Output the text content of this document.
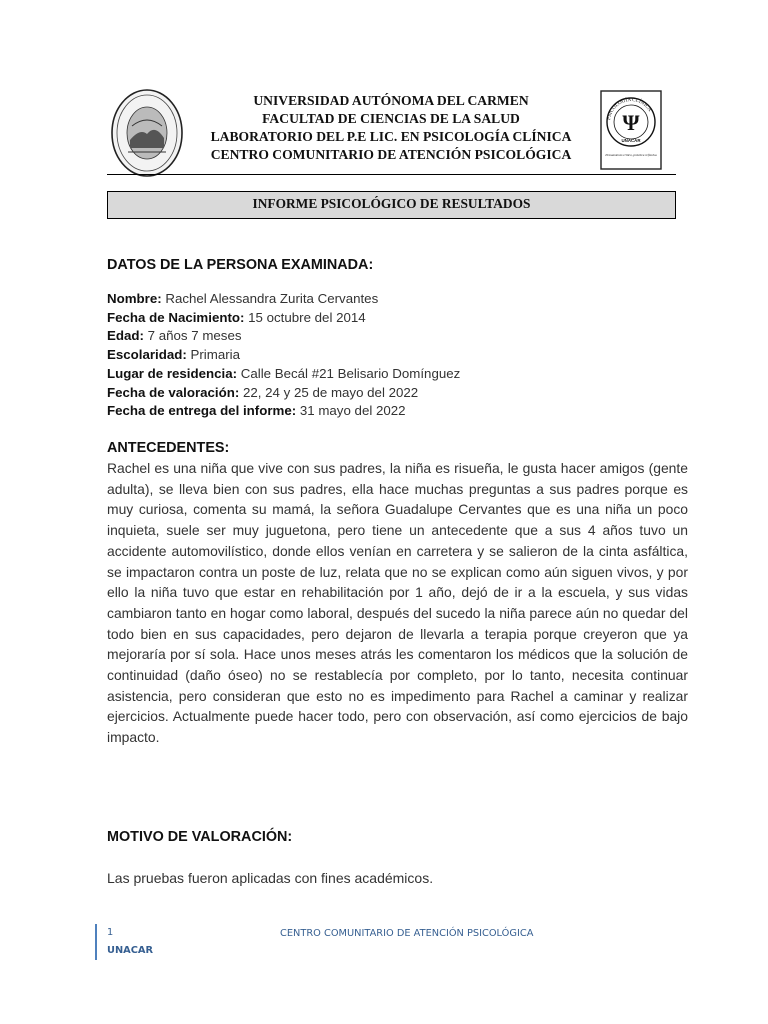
UNIVERSIDAD AUTÓNOMA DEL CARMEN
FACULTAD DE CIENCIAS DE LA SALUD
LABORATORIO DEL P.E LIC. EN PSICOLOGÍA CLÍNICA
CENTRO COMUNITARIO DE ATENCIÓN PSICOLÓGICA
PSICOLOGÍA CLÍNICA
Ψ
UNACAR
Pensamiento crítico, práctica reflexiva
INFORME PSICOLÓGICO DE RESULTADOS
DATOS DE LA PERSONA EXAMINADA:
Nombre: Rachel Alessandra Zurita Cervantes
Fecha de Nacimiento: 15 octubre del 2014
Edad: 7 años 7 meses
Escolaridad: Primaria
Lugar de residencia: Calle Becál #21 Belisario Domínguez
Fecha de valoración: 22, 24 y 25 de mayo del 2022
Fecha de entrega del informe: 31 mayo del 2022
ANTECEDENTES:

Rachel es una niña que vive con sus padres, la niña es risueña, le gusta hacer amigos (gente adulta), se lleva bien con sus padres, ella hace muchas preguntas a sus padres porque es muy curiosa, comenta su mamá, la señora Guadalupe Cervantes que es una niña un poco inquieta, suele ser muy juguetona, pero tiene un antecedente que a sus 4 años tuvo un accidente automovilístico, donde ellos venían en carretera y se salieron de la cinta asfáltica, se impactaron contra un poste de luz, relata que no se explican como aún siguen vivos, y por ello la niña tuvo que estar en rehabilitación por 1 año, dejó de ir a la escuela, y sus vidas cambiaron tanto en hogar como laboral, después del sucedo la niña parece aún no quedar del todo bien en sus capacidades, pero dejaron de llevarla a terapia porque creyeron que ya mejoraría por sí sola. Hace unos meses atrás les comentaron los médicos que la solución de continuidad (daño óseo) no se restablecía por completo, por lo tanto, necesita continuar asistencia, pero consideran que esto no es impedimento para Rachel a caminar y realizar ejercicios. Actualmente puede hacer todo, pero con observación, así como ejercicios de bajo impacto.

MOTIVO DE VALORACIÓN:

Las pruebas fueron aplicadas con fines académicos.

1
UNACAR
CENTRO COMUNITARIO DE ATENCIÓN PSICOLÓGICA
